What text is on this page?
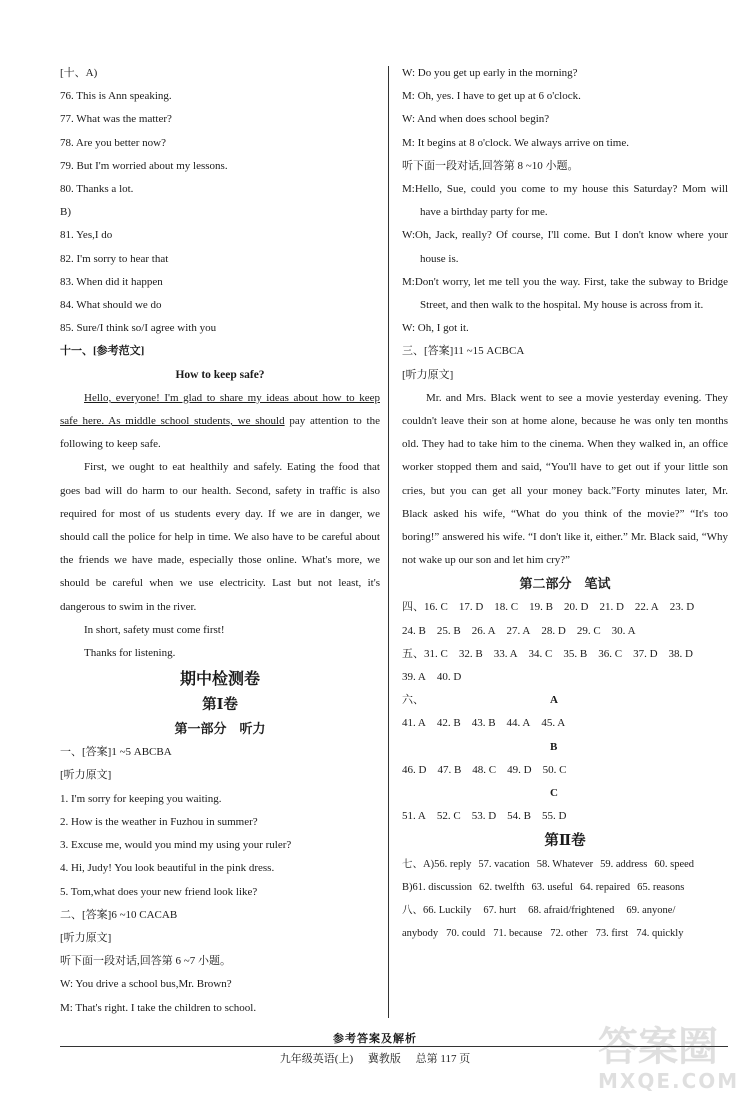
[十、A)

76. This is Ann speaking.

77. What was the matter?

78. Are you better now?

79. But I'm worried about my lessons.

80. Thanks a lot.

B)

81. Yes,I do

82. I'm sorry to hear that

83. When did it happen

84. What should we do

85. Sure/I think so/I agree with you

十一、[参考范文]

How to keep safe?

Hello, everyone! I'm glad to share my ideas about how to keep safe here. As middle school students, we should pay attention to the following to keep safe.

First, we ought to eat healthily and safely. Eating the food that goes bad will do harm to our health. Second, safety in traffic is also required for most of us students every day. If we are in danger, we should call the police for help in time. We also have to be careful about the friends we have made, especially those online. What's more, we should be careful when we use electricity. Last but not least, it's dangerous to swim in the river.

In short, safety must come first!

Thanks for listening.

期中检测卷

第Ⅰ卷

第一部分　听力

一、[答案]1 ~5 ABCBA

[听力原文]

1. I'm sorry for keeping you waiting.

2. How is the weather in Fuzhou in summer?

3. Excuse me, would you mind my using your ruler?

4. Hi, Judy! You look beautiful in the pink dress.

5. Tom,what does your new friend look like?

二、[答案]6 ~10 CACAB

[听力原文]

听下面一段对话,回答第 6 ~7 小题。

W: You drive a school bus,Mr. Brown?

M: That's right. I take the children to school.

W: Do you get up early in the morning?

M: Oh, yes. I have to get up at 6 o'clock.

W: And when does school begin?

M: It begins at 8 o'clock. We always arrive on time.

听下面一段对话,回答第 8 ~10 小题。

M:Hello, Sue, could you come to my house this Saturday? Mom will have a birthday party for me.

W:Oh, Jack, really? Of course, I'll come. But I don't know where your house is.

M:Don't worry, let me tell you the way. First, take the subway to Bridge Street, and then walk to the hospital. My house is across from it.

W: Oh, I got it.

三、[答案]11 ~15 ACBCA

[听力原文]

Mr. and Mrs. Black went to see a movie yesterday evening. They couldn't leave their son at home alone, because he was only ten months old. They had to take him to the cinema. When they walked in, an office worker stopped them and said, “You'll have to get out if your little son cries, but you can get all your money back.”Forty minutes later, Mr. Black asked his wife, “What do you think of the movie?” “It's too boring!” answered his wife. “I don't like it, either.” Mr. Black said, “Why not wake up our son and let him cry?”

第二部分　笔试

四、16. C 17. D 18. C 19. B 20. D 21. D 22. A 23. D
24. B 25. B 26. A 27. A 28. D 29. C 30. A
五、31. C 32. B 33. A 34. C 35. B 36. C 37. D 38. D
39. A 40. D
六、	A
41. A 42. B 43. B 44. A 45. A
B
46. D 47. B 48. C 49. D 50. C
C
51. A 52. C 53. D 54. B 55. D

第Ⅱ卷

七、A)56. reply 57. vacation 58. Whatever 59. address 60. speed
B)61. discussion 62. twelfth 63. useful 64. repaired 65. reasons
八、66. Luckily 67. hurt 68. afraid/frightened 69. anyone/
anybody 70. could 71. because 72. other 73. first 74. quickly
参考答案及解析
九年级英语(上) 冀教版 总第 117 页	答案圈
MXQE.COM
